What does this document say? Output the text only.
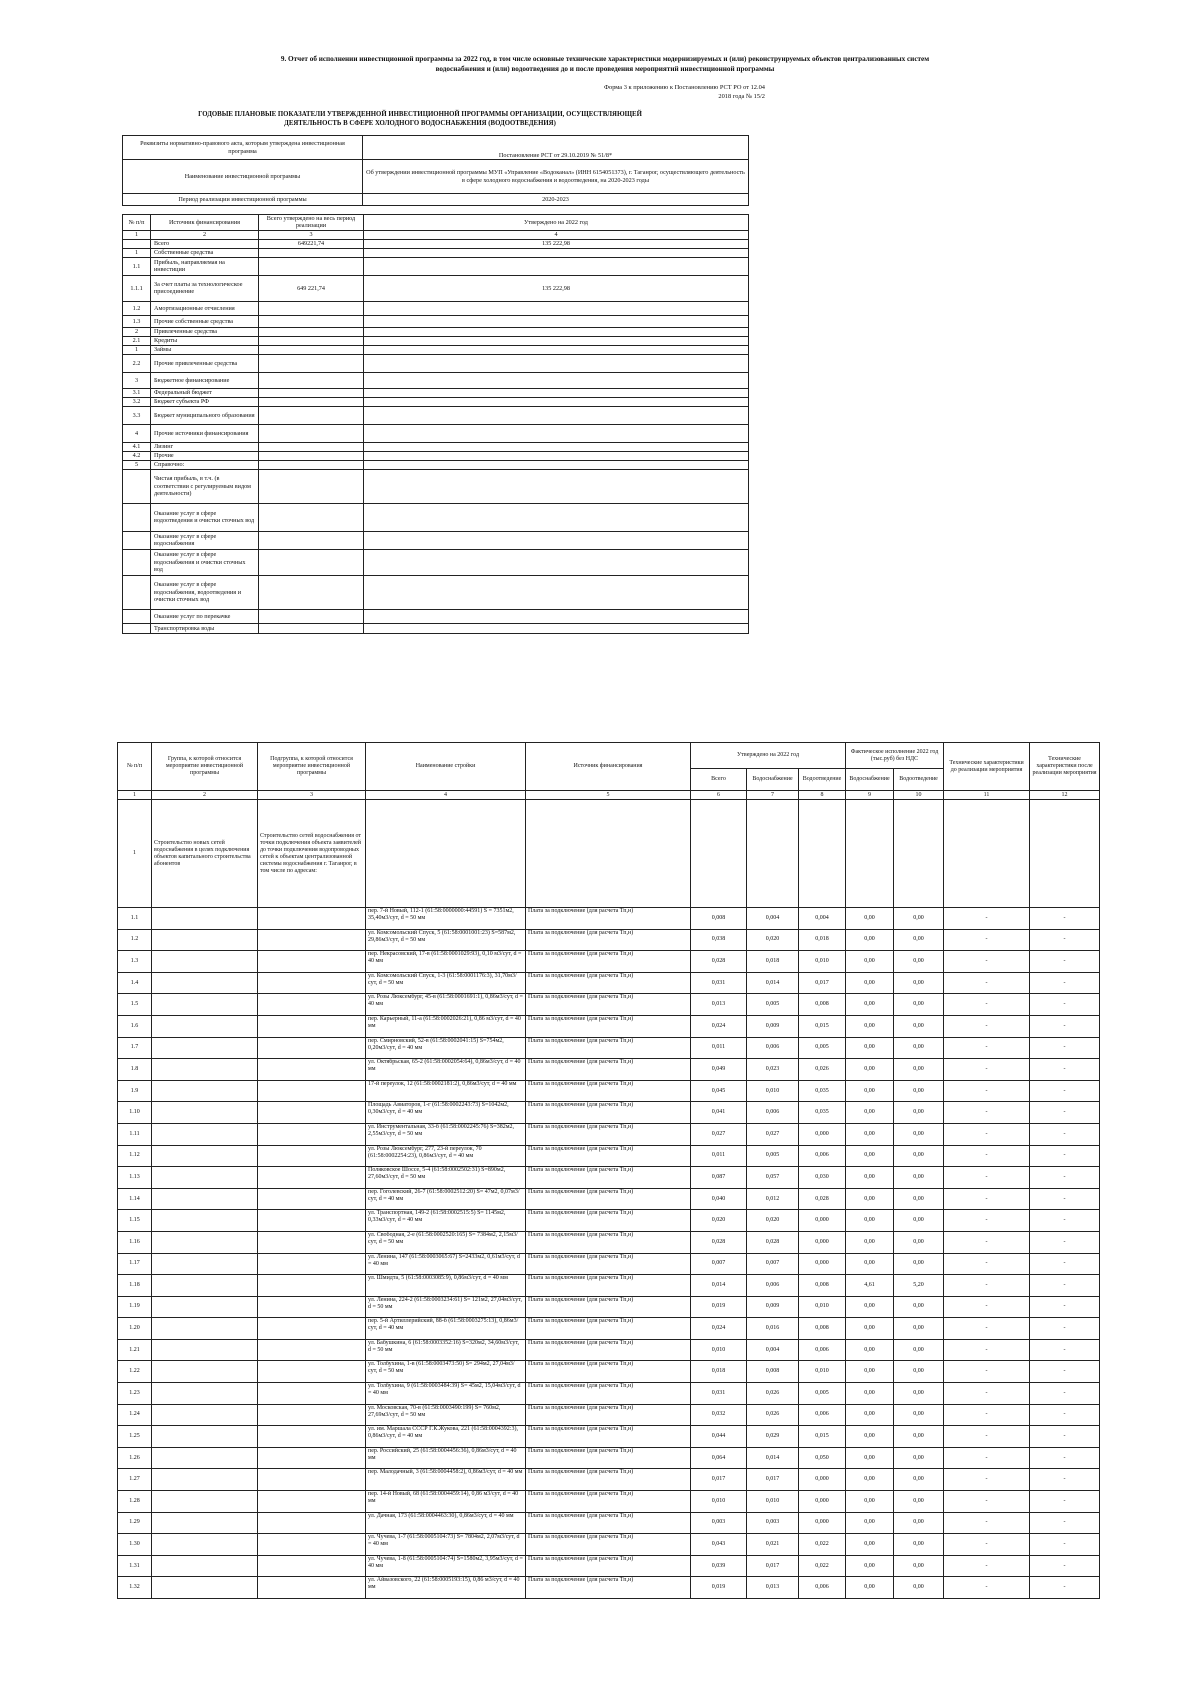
9. Отчет об исполнении инвестиционной программы за 2022 год, в том числе основные технические характеристики модернизируемых и (или) реконструируемых объектов централизованных систем
водоснабжения и (или) водоотведения до и после проведения мероприятий инвестиционной программы
Форма 3 к приложению к Постановлению РСТ РО от 12.04
2018 года № 15/2
ГОДОВЫЕ ПЛАНОВЫЕ ПОКАЗАТЕЛИ УТВЕРЖДЕННОЙ ИНВЕСТИЦИОННОЙ ПРОГРАММЫ ОРГАНИЗАЦИИ, ОСУЩЕСТВЛЯЮЩЕЙ
ДЕЯТЕЛЬНОСТЬ В СФЕРЕ ХОЛОДНОГО ВОДОСНАБЖЕНИЯ (ВОДООТВЕДЕНИЯ)
Реквизиты нормативно-правового акта, которым утверждена инвестиционная программа	Постановление РСТ от 29.10.2019 № 51/8*
Наименование инвестиционной программы	Об утверждении инвестиционной программы МУП «Управление «Водоканал» (ИНН 6154051373), г. Таганрог, осуществляющего деятельность в сфере холодного водоснабжения и водоотведения, на 2020-2023 годы
Период реализации инвестиционной программы	2020-2023
№ п/п	Источник финансирования	Всего утверждено на весь период реализации	Утверждено на 2022 год
1	2	3	4
	Всего	649221,74	135 222,98
1	Собственные средства		
1.1	Прибыль, направляемая на инвестиции		
1.1.1	За счет платы за технологическое присоединение	649 221,74	135 222,98
1.2	Амортизационные отчисления		
1.3	Прочие собственные средства		
2	Привлеченные средства		
2.1	Кредиты		
1	Займы		
2.2	Прочие привлеченные средства		
3	Бюджетное финансирование		
3.1	Федеральный бюджет		
3.2	Бюджет субъекта РФ		
3.3	Бюджет муниципального образования		
4	Прочие источники финансирования		
4.1	Лизинг		
4.2	Прочие		
5	Справочно:		
	Чистая прибыль, в т.ч. (в соответствии с регулируемым видом деятельности)		
	Оказание услуг в сфере водоотведения и очистки сточных вод		
	Оказание услуг в сфере водоснабжения		
	Оказание услуг в сфере водоснабжения и очистки сточных вод		
	Оказание услуг в сфере водоснабжения, водоотведения и очистки сточных вод		
	Оказание услуг по перекачке		
	Транспортировка воды		
№ п/п	Группа, к которой относится мероприятие инвестиционной программы	Подгруппа, к которой относится мероприятие инвестиционной программы	Наименование стройки	Источник финансирования	Утверждено на 2022 год			Фактическое исполнение 2022 год (тыс.руб) без НДС		Технические характеристики до реализации мероприятия	Технические характеристики после реализации мероприятия
					Всего	Водоснабжение	Водоотведение	Водоснабжение	Водоотведение		
1	2	3	4	5	6	7	8	9	10	11	12
1	Строительство новых сетей водоснабжения в целях подключения объектов капитального строительства абонентов	Строительство сетей водоснабжения от точки подключения объекта заявителей до точки подключения водопроводных сетей к объектам централизованной системы водоснабжения г. Таганрог, в том числе по адресам:									
1.1			пер. 7-й Новый, 112-1 (61:58:0000000:44591) S = 7351м2, 35,40м3/сут, d = 50 мм	Плата за подключение (для расчета Тп,н)	0,008	0,004	0,004	0,00	0,00	-	-
1.2			ул. Комсомольский Спуск, 5 (61:58:0001001:23) S=587м2, 29,86м3/сут, d = 50 мм	Плата за подключение (для расчета Тп,н)	0,038	0,020	0,018	0,00	0,00	-	-
1.3			пер. Некрасовский, 17-в (61:58:0001029:93), 0,10 м3/сут, d = 40 мм	Плата за подключение (для расчета Тп,н)	0,028	0,018	0,010	0,00	0,00	-	-
1.4			ул. Комсомольский Спуск, 1-3 (61:58:0001176:3), 31,70м3/сут, d = 50 мм	Плата за подключение (для расчета Тп,н)	0,031	0,014	0,017	0,00	0,00	-	-
1.5			ул. Розы Люксембург, 45-в (61:58:0001691:1), 0,86м3/сут, d = 40 мм	Плата за подключение (для расчета Тп,н)	0,013	0,005	0,008	0,00	0,00	-	-
1.6			пер. Карьерный, 11-а (61:58:0002026:21), 0,86 м3/сут, d = 40 мм	Плата за подключение (для расчета Тп,н)	0,024	0,009	0,015	0,00	0,00	-	-
1.7			пер. Смирновский, 52-в (61:58:0002041:15) S=754м2, 0,20м3/сут, d = 40 мм	Плата за подключение (для расчета Тп,н)	0,011	0,006	0,005	0,00	0,00	-	-
1.8			ул. Октябрьская, 65-2 (61:58:0002054:64), 0,86м3/сут, d = 40 мм	Плата за подключение (для расчета Тп,н)	0,049	0,023	0,026	0,00	0,00	-	-
1.9			17-й переулок, 12 (61:58:0002181:2), 0,86м3/сут, d = 40 мм	Плата за подключение (для расчета Тп,н)	0,045	0,010	0,035	0,00	0,00	-	-
1.10			Площадь Авиаторов, 1-г (61:58:0002243:73) S=1042м2, 0,30м3/сут, d = 40 мм	Плата за подключение (для расчета Тп,н)	0,041	0,006	0,035	0,00	0,00	-	-
1.11			ул. Инструментальная, 33-б (61:58:0002245:76) S=382м2, 2,55м3/сут, d = 50 мм	Плата за подключение (для расчета Тп,н)	0,027	0,027	0,000	0,00	0,00	-	-
1.12			ул. Розы Люксембург, 277, 23-й переулок, 70 (61:58:0002254:23), 0,86м3/сут, d = 40 мм	Плата за подключение (для расчета Тп,н)	0,011	0,005	0,006	0,00	0,00	-	-
1.13			Поляковское Шоссе, 5-4 (61:58:0002502:31) S=890м2, 27,60м3/сут, d = 50 мм	Плата за подключение (для расчета Тп,н)	0,087	0,057	0,030	0,00	0,00	-	-
1.14			пер. Гоголевский, 26-7 (61:58:0002512:20) S= 47м2, 0,07м3/сут, d = 40 мм	Плата за подключение (для расчета Тп,н)	0,040	0,012	0,028	0,00	0,00	-	-
1.15			ул. Транспортная, 149-2 (61:58:0002515:5) S= 1145м2, 0,33м3/сут, d = 40 мм	Плата за подключение (для расчета Тп,н)	0,020	0,020	0,000	0,00	0,00	-	-
1.16			ул. Свободная, 2-е (61:58:0002520:165) S= 7384м2, 2,15м3/сут, d = 50 мм	Плата за подключение (для расчета Тп,н)	0,028	0,028	0,000	0,00	0,00	-	-
1.17			ул. Ленина, 147 (61:58:0003065:67) S=2433м2, 0,61м3/сут, d = 40 мм	Плата за подключение (для расчета Тп,н)	0,007	0,007	0,000	0,00	0,00	-	-
1.18			ул. Шмидта, 5 (61:58:0003085:9), 0,86м3/сут, d = 40 мм	Плата за подключение (для расчета Тп,н)	0,014	0,006	0,008	4,61	5,20	-	-
1.19			ул. Ленина, 224-2 (61:58:0003234:61) S= 121м2, 27,04м3/сут, d = 50 мм	Плата за подключение (для расчета Тп,н)	0,019	0,009	0,010	0,00	0,00	-	-
1.20			пер. 5-й Артиллерийский, 88-б (61:58:0003275:13), 0,86м3/сут, d = 40 мм	Плата за подключение (для расчета Тп,н)	0,024	0,016	0,008	0,00	0,00	-	-
1.21			ул. Бабушкина, 6 (61:58:0003352:16) S=320м2, 34,60м3/сут, d = 50 мм	Плата за подключение (для расчета Тп,н)	0,010	0,004	0,006	0,00	0,00	-	-
1.22			ул. Толбухина, 1-в (61:58:0003473:50) S= 294м2, 27,04м3/сут, d = 50 мм	Плата за подключение (для расчета Тп,н)	0,018	0,008	0,010	0,00	0,00	-	-
1.23			ул. Толбухина, 9 (61:58:0003484:39) S= 45м2, 15,04м3/сут, d = 40 мм	Плата за подключение (для расчета Тп,н)	0,031	0,026	0,005	0,00	0,00	-	-
1.24			ул. Московская, 70-в (61:58:0003490:199) S= 760м2, 27,69м3/сут, d = 50 мм	Плата за подключение (для расчета Тп,н)	0,032	0,026	0,006	0,00	0,00	-	-
1.25			ул. им. Маршала СССР Г.К.Жукова, 221 (61:58:0004392:3), 0,86м3/сут, d = 40 мм	Плата за подключение (для расчета Тп,н)	0,044	0,029	0,015	0,00	0,00	-	-
1.26			пер. Российский, 25 (61:58:0004456:36), 0,86м3/сут, d = 40 мм	Плата за подключение (для расчета Тп,н)	0,064	0,014	0,050	0,00	0,00	-	-
1.27			пер. Малодачный, 3 (61:58:0004458:2), 0,86м3/сут, d = 40 мм	Плата за подключение (для расчета Тп,н)	0,017	0,017	0,000	0,00	0,00	-	-
1.28			пер. 14-й Новый, 68 (61:58:0004459:14), 0,86 м3/сут, d = 40 мм	Плата за подключение (для расчета Тп,н)	0,010	0,010	0,000	0,00	0,00	-	-
1.29			ул. Дачная, 173 (61:58:0004463:30), 0,86м3/сут, d = 40 мм	Плата за подключение (для расчета Тп,н)	0,003	0,003	0,000	0,00	0,00	-	-
1.30			ул. Чучева, 1-7 (61:58:0005104:73) S= 7804м2, 2,07м3/сут, d = 40 мм	Плата за подключение (для расчета Тп,н)	0,043	0,021	0,022	0,00	0,00	-	-
1.31			ул. Чучева, 1-8 (61:58:0005104:74) S=1580м2, 3,95м3/сут, d = 40 мм	Плата за подключение (для расчета Тп,н)	0,039	0,017	0,022	0,00	0,00	-	-
1.32			ул. Айвазовского, 22 (61:58:0005193:15), 0,86 м3/сут, d = 40 мм	Плата за подключение (для расчета Тп,н)	0,019	0,013	0,006	0,00	0,00	-	-
